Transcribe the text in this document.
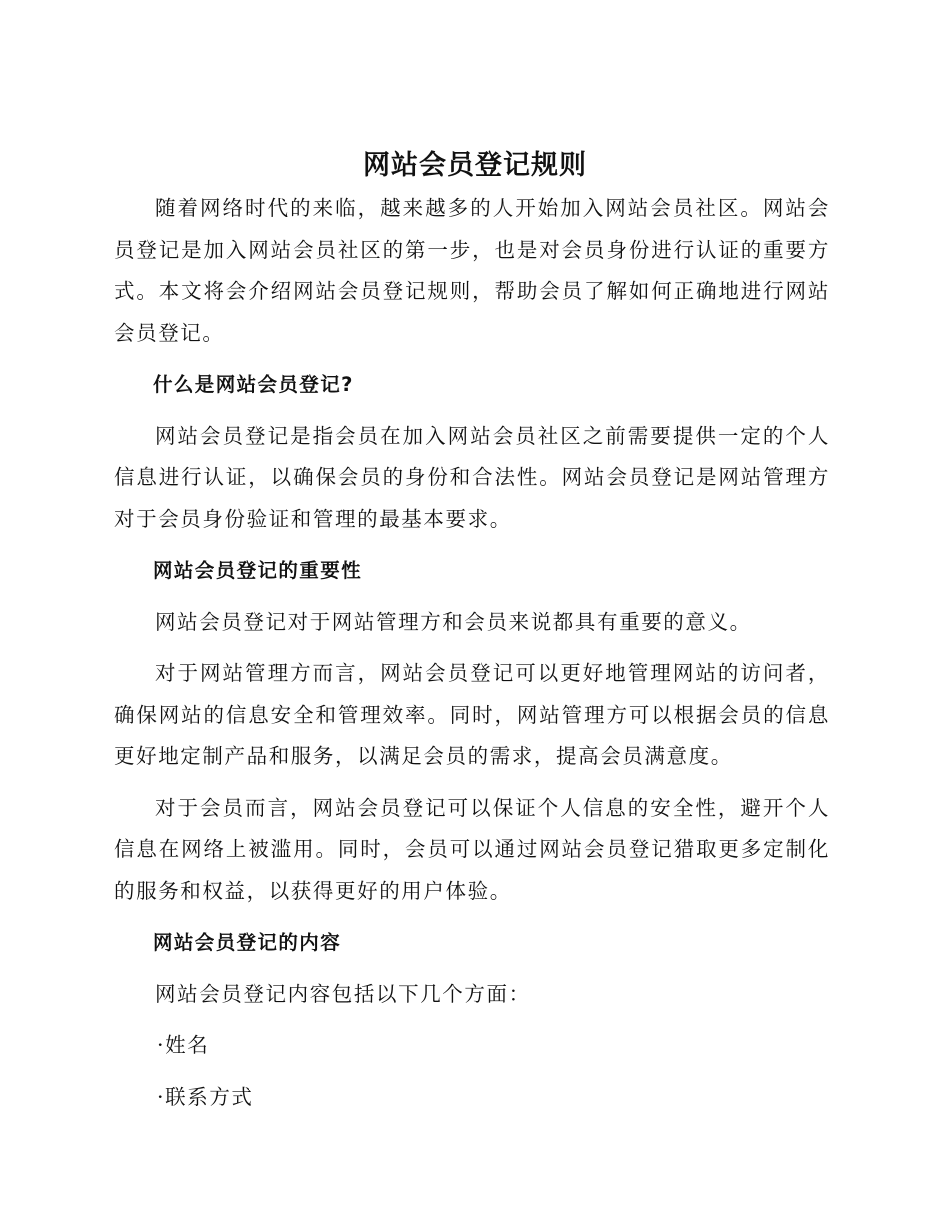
网站会员登记规则

随着网络时代的来临，越来越多的人开始加入网站会员社区。网站会员登记是加入网站会员社区的第一步，也是对会员身份进行认证的重要方式。本文将会介绍网站会员登记规则，帮助会员了解如何正确地进行网站会员登记。

什么是网站会员登记?

网站会员登记是指会员在加入网站会员社区之前需要提供一定的个人信息进行认证，以确保会员的身份和合法性。网站会员登记是网站管理方对于会员身份验证和管理的最基本要求。

网站会员登记的重要性

网站会员登记对于网站管理方和会员来说都具有重要的意义。

对于网站管理方而言，网站会员登记可以更好地管理网站的访问者，确保网站的信息安全和管理效率。同时，网站管理方可以根据会员的信息更好地定制产品和服务，以满足会员的需求，提高会员满意度。

对于会员而言，网站会员登记可以保证个人信息的安全性，避开个人信息在网络上被滥用。同时，会员可以通过网站会员登记猎取更多定制化的服务和权益，以获得更好的用户体验。

网站会员登记的内容

网站会员登记内容包括以下几个方面：

·姓名

·联系方式
